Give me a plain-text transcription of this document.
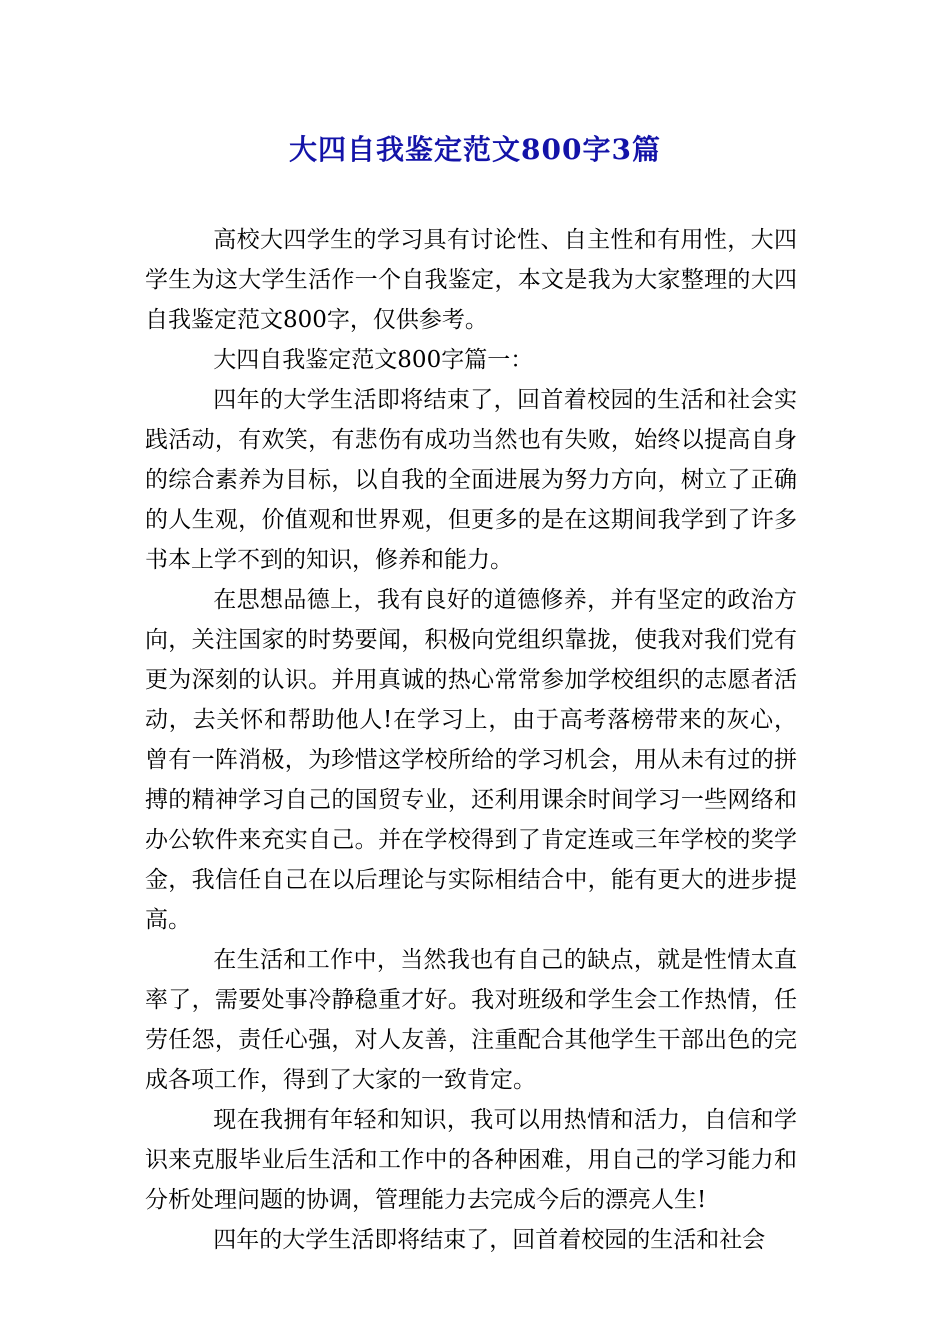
大四自我鉴定范文800字3篇

高校大四学生的学习具有讨论性、自主性和有用性，大四学生为这大学生活作一个自我鉴定，本文是我为大家整理的大四自我鉴定范文800字，仅供参考。

大四自我鉴定范文800字篇一：

四年的大学生活即将结束了，回首着校园的生活和社会实践活动，有欢笑，有悲伤有成功当然也有失败，始终以提高自身的综合素养为目标，以自我的全面进展为努力方向，树立了正确的人生观，价值观和世界观，但更多的是在这期间我学到了许多书本上学不到的知识，修养和能力。

在思想品德上，我有良好的道德修养，并有坚定的政治方向，关注国家的时势要闻，积极向党组织靠拢，使我对我们党有更为深刻的认识。并用真诚的热心常常参加学校组织的志愿者活动，去关怀和帮助他人!在学习上，由于高考落榜带来的灰心，曾有一阵消极，为珍惜这学校所给的学习机会，用从未有过的拼搏的精神学习自己的国贸专业，还利用课余时间学习一些网络和办公软件来充实自己。并在学校得到了肯定连或三年学校的奖学金，我信任自己在以后理论与实际相结合中，能有更大的进步提高。

在生活和工作中，当然我也有自己的缺点，就是性情太直率了，需要处事冷静稳重才好。我对班级和学生会工作热情，任劳任怨，责任心强，对人友善，注重配合其他学生干部出色的完成各项工作，得到了大家的一致肯定。

现在我拥有年轻和知识，我可以用热情和活力，自信和学识来克服毕业后生活和工作中的各种困难，用自己的学习能力和分析处理问题的协调，管理能力去完成今后的漂亮人生!

四年的大学生活即将结束了，回首着校园的生活和社会
